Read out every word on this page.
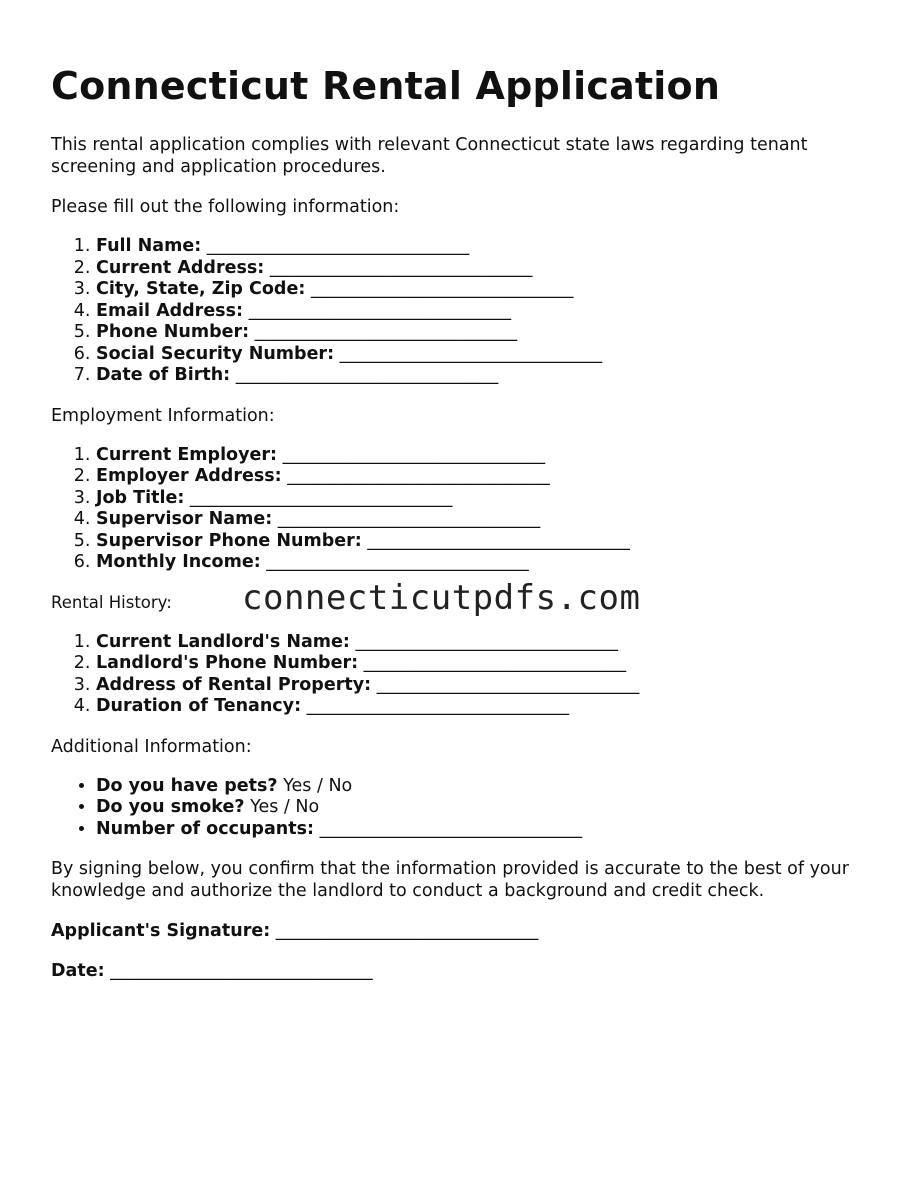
Connecticut Rental Application

This rental application complies with relevant Connecticut state laws regarding tenant screening and application procedures.

Please fill out the following information:

1. Full Name: ______________________________
2. Current Address: ______________________________
3. City, State, Zip Code: ______________________________
4. Email Address: ______________________________
5. Phone Number: ______________________________
6. Social Security Number: ______________________________
7. Date of Birth: ______________________________

Employment Information:

1. Current Employer: ______________________________
2. Employer Address: ______________________________
3. Job Title: ______________________________
4. Supervisor Name: ______________________________
5. Supervisor Phone Number: ______________________________
6. Monthly Income: ______________________________

Rental History:

1. Current Landlord's Name: ______________________________
2. Landlord's Phone Number: ______________________________
3. Address of Rental Property: ______________________________
4. Duration of Tenancy: ______________________________

Additional Information:

• Do you have pets? Yes / No
• Do you smoke? Yes / No
• Number of occupants: ______________________________

By signing below, you confirm that the information provided is accurate to the best of your knowledge and authorize the landlord to conduct a background and credit check.

Applicant's Signature: ______________________________

Date: ______________________________

connecticutpdfs.com
